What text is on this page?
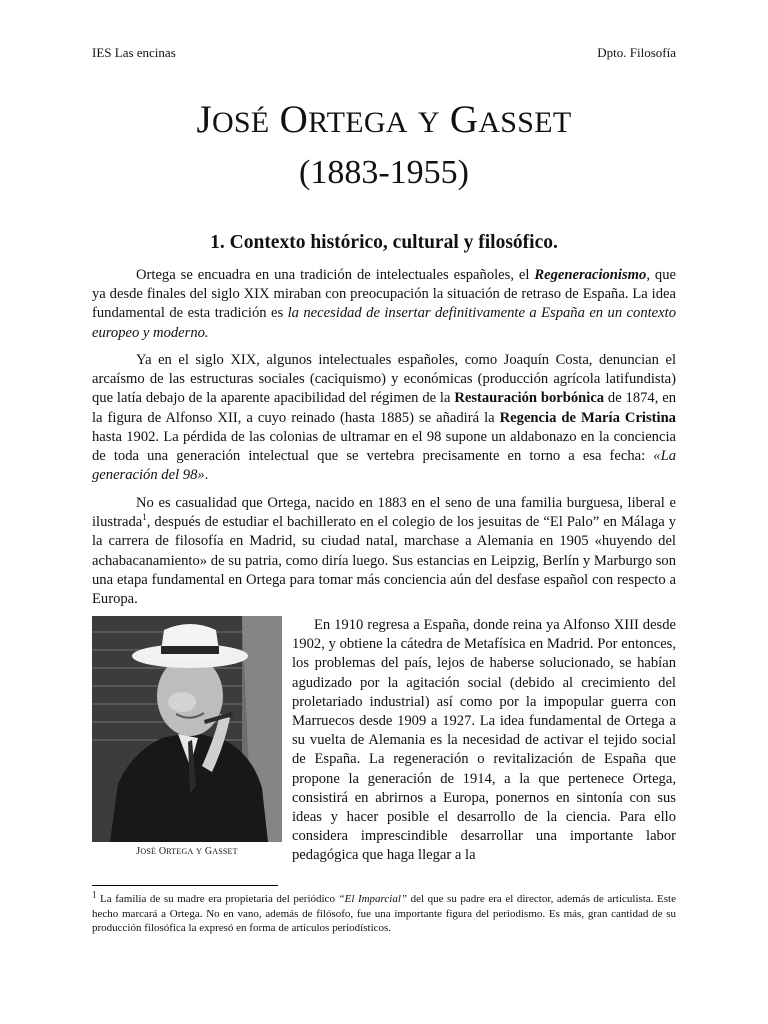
IES Las encinas	Dpto. Filosofía
JOSÉ ORTEGA Y GASSET
(1883-1955)
1. Contexto histórico, cultural y filosófico.

Ortega se encuadra en una tradición de intelectuales españoles, el Regeneracionismo, que ya desde finales del siglo XIX miraban con preocupación la situación de retraso de España. La idea fundamental de esta tradición es la necesidad de insertar definitivamente a España en un contexto europeo y moderno.

Ya en el siglo XIX, algunos intelectuales españoles, como Joaquín Costa, denuncian el arcaísmo de las estructuras sociales (caciquismo) y económicas (producción agrícola latifundista) que latía debajo de la aparente apacibilidad del régimen de la Restauración borbónica de 1874, en la figura de Alfonso XII, a cuyo reinado (hasta 1885) se añadirá la Regencia de María Cristina hasta 1902. La pérdida de las colonias de ultramar en el 98 supone un aldabonazo en la conciencia de toda una generación intelectual que se vertebra precisamente en torno a esa fecha: «La generación del 98».

No es casualidad que Ortega, nacido en 1883 en el seno de una familia burguesa, liberal e ilustrada$^1$, después de estudiar el bachillerato en el colegio de los jesuitas de “El Palo” en Málaga y la carrera de filosofía en Madrid, su ciudad natal, marchase a Alemania en 1905 «huyendo del achabacanamiento» de su patria, como diría luego. Sus estancias en Leipzig, Berlín y Marburgo son una etapa fundamental en Ortega para tomar más conciencia aún del desfase español con respecto a Europa.

JOSÉ ORTEGA Y GASSET

En 1910 regresa a España, donde reina ya Alfonso XIII desde 1902, y obtiene la cátedra de Metafísica en Madrid. Por entonces, los problemas del país, lejos de haberse solucionado, se habían agudizado por la agitación social (debido al crecimiento del proletariado industrial) así como por la impopular guerra con Marruecos desde 1909 a 1927. La idea fundamental de Ortega a su vuelta de Alemania es la necesidad de activar el tejido social de España. La regeneración o revitalización de España que propone la generación de 1914, a la que pertenece Ortega, consistirá en abrirnos a Europa, ponernos en sintonía con sus ideas y hacer posible el desarrollo de la ciencia. Para ello considera imprescindible desarrollar una importante labor pedagógica que haga llegar a la

$^1$ La familia de su madre era propietaria del periódico “El Imparcial” del que su padre era el director, además de articulista. Este hecho marcará a Ortega. No en vano, además de filósofo, fue una importante figura del periodismo. Es más, gran cantidad de su producción filosófica la expresó en forma de artículos periodísticos.
